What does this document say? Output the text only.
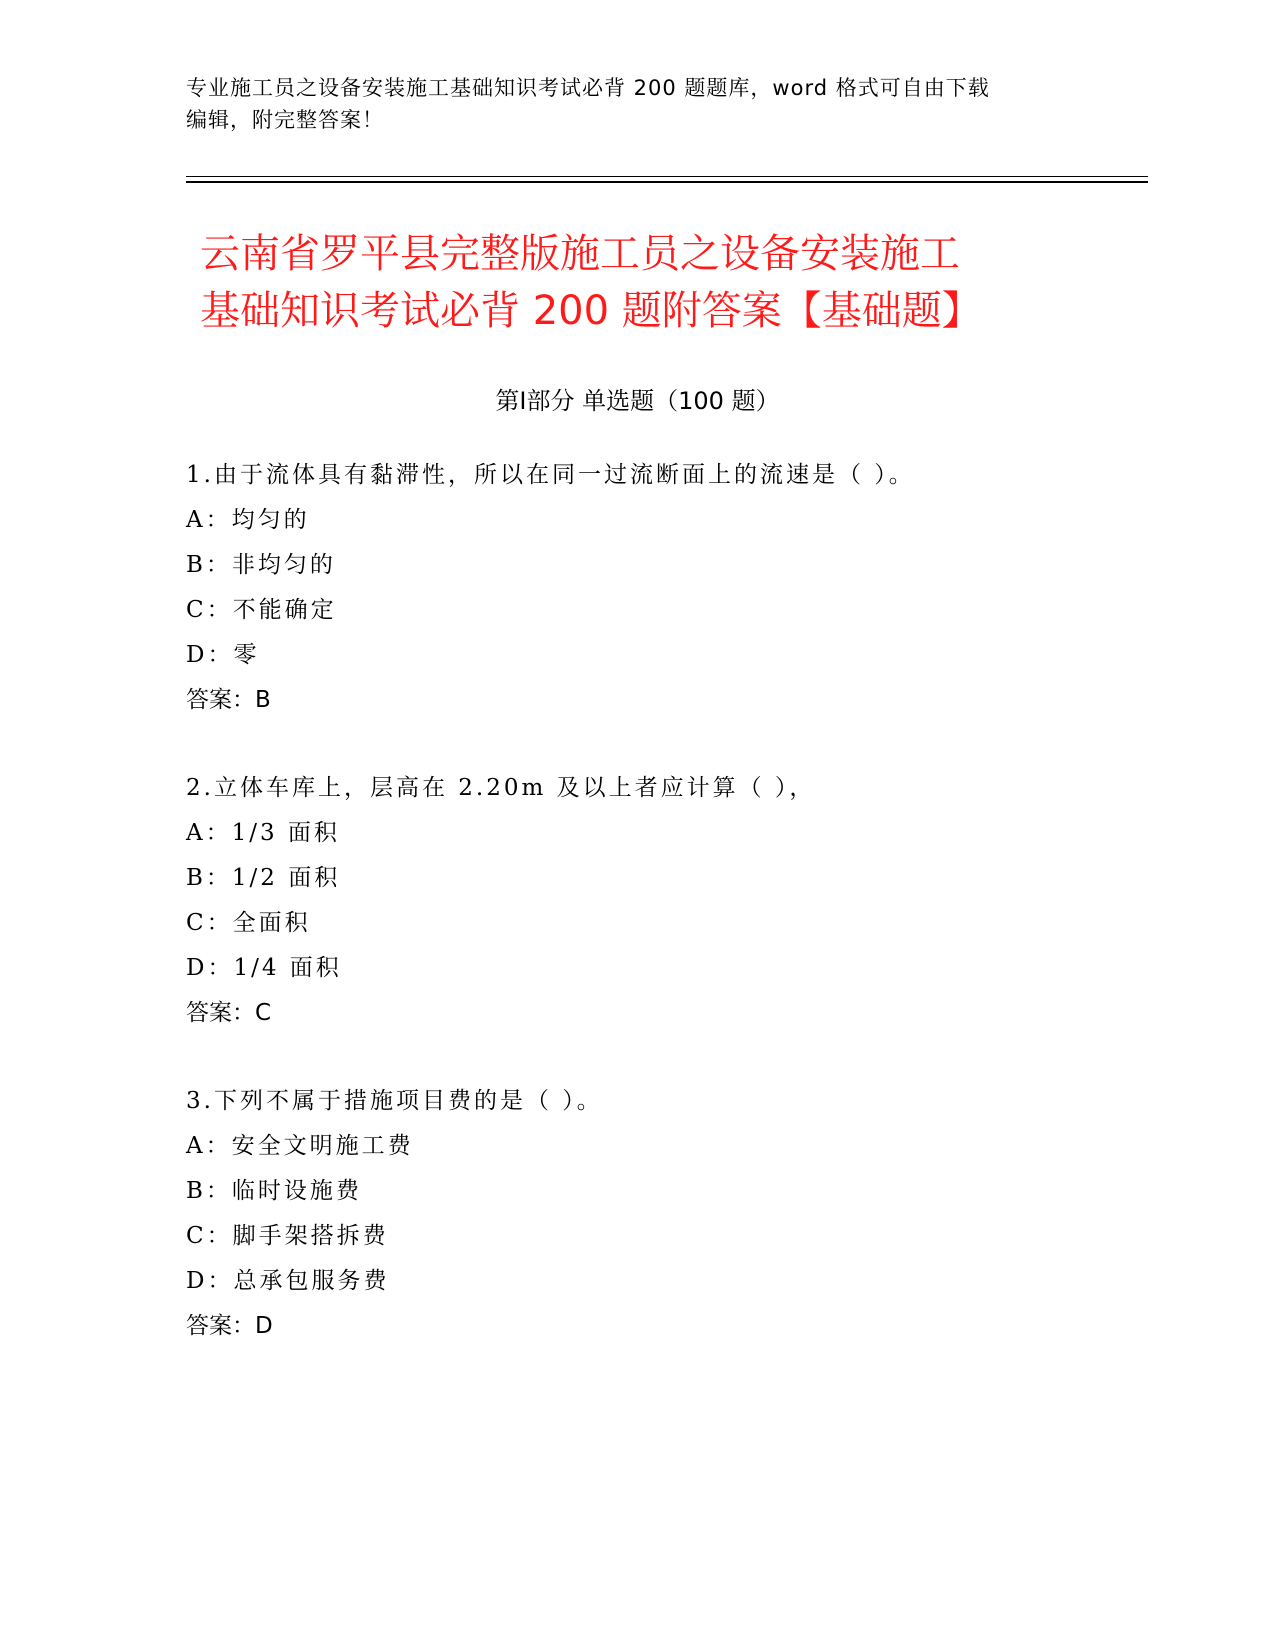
专业施工员之设备安装施工基础知识考试必背 200 题题库，word 格式可自由下载
编辑，附完整答案！
云南省罗平县完整版施工员之设备安装施工
基础知识考试必背 200 题附答案【基础题】
第Ⅰ部分 单选题（100 题）
1.由于流体具有黏滞性，所以在同一过流断面上的流速是（ ）。
A：均匀的
B：非均匀的
C：不能确定
D：零
答案：B
2.立体车库上，层高在 2.20m 及以上者应计算（ ），
A：1/3 面积
B：1/2 面积
C：全面积
D：1/4 面积
答案：C
3.下列不属于措施项目费的是（ ）。
A：安全文明施工费
B：临时设施费
C：脚手架搭拆费
D：总承包服务费
答案：D
